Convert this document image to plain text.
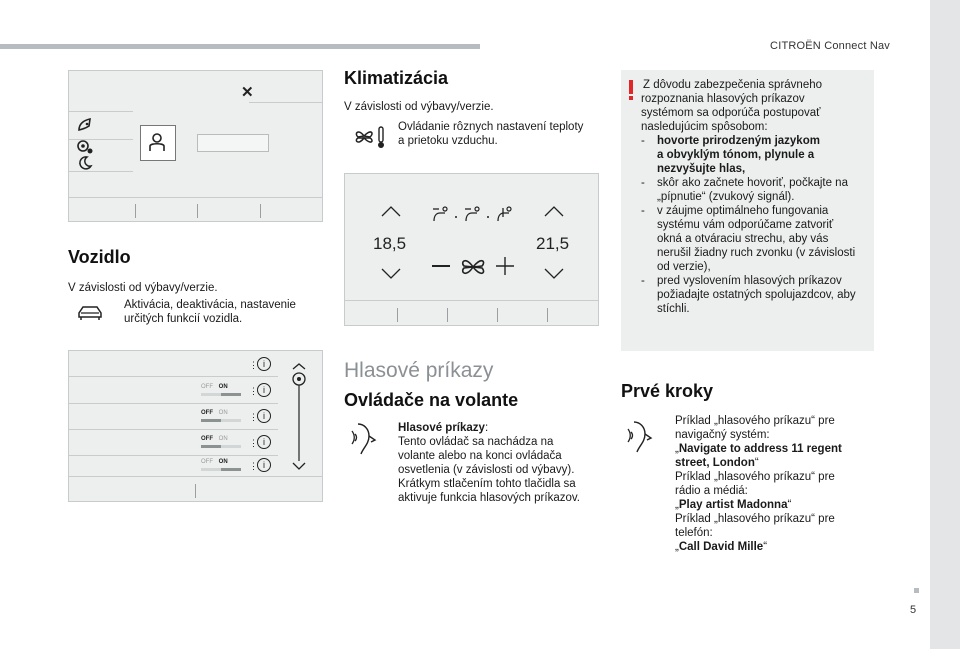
CITROËN Connect Nav
5
✕
Vozidlo
V závislosti od výbavy/verzie.
Aktivácia, deaktivácia, nastavenie
určitých funkcií vozidla.
⋮ i
⋮ i
⋮ i
⋮ i
⋮ i
OFF ON
OFF ON
OFF ON
OFF ON
Klimatizácia
V závislosti od výbavy/verzie.
Ovládanie rôznych nastavení teploty
a prietoku vzduchu.
18,5	21,5
Hlasové príkazy
Ovládače na volante
Hlasové príkazy:
Tento ovládač sa nachádza na
volante alebo na konci ovládača
osvetlenia (v závislosti od výbavy).
Krátkym stlačením tohto tlačidla sa
aktivuje funkcia hlasových príkazov.
Z dôvodu zabezpečenia správneho
rozpoznania hlasových príkazov
systémom sa odporúča postupovať
nasledujúcim spôsobom:
- hovorte prirodzeným jazykom
a obvyklým tónom, plynule a
nezvyšujte hlas,
- skôr ako začnete hovoriť, počkajte na
„pípnutie“ (zvukový signál).
- v záujme optimálneho fungovania
systému vám odporúčame zatvoriť
okná a otváraciu strechu, aby vás
nerušil žiadny ruch zvonku (v závislosti
od verzie),
- pred vyslovením hlasových príkazov
požiadajte ostatných spolujazdcov, aby
stíchli.
Prvé kroky
Príklad „hlasového príkazu“ pre
navigačný systém:
„Navigate to address 11 regent
street, London“
Príklad „hlasového príkazu“ pre
rádio a médiá:
„Play artist Madonna“
Príklad „hlasového príkazu“ pre
telefón:
„Call David Mille“
